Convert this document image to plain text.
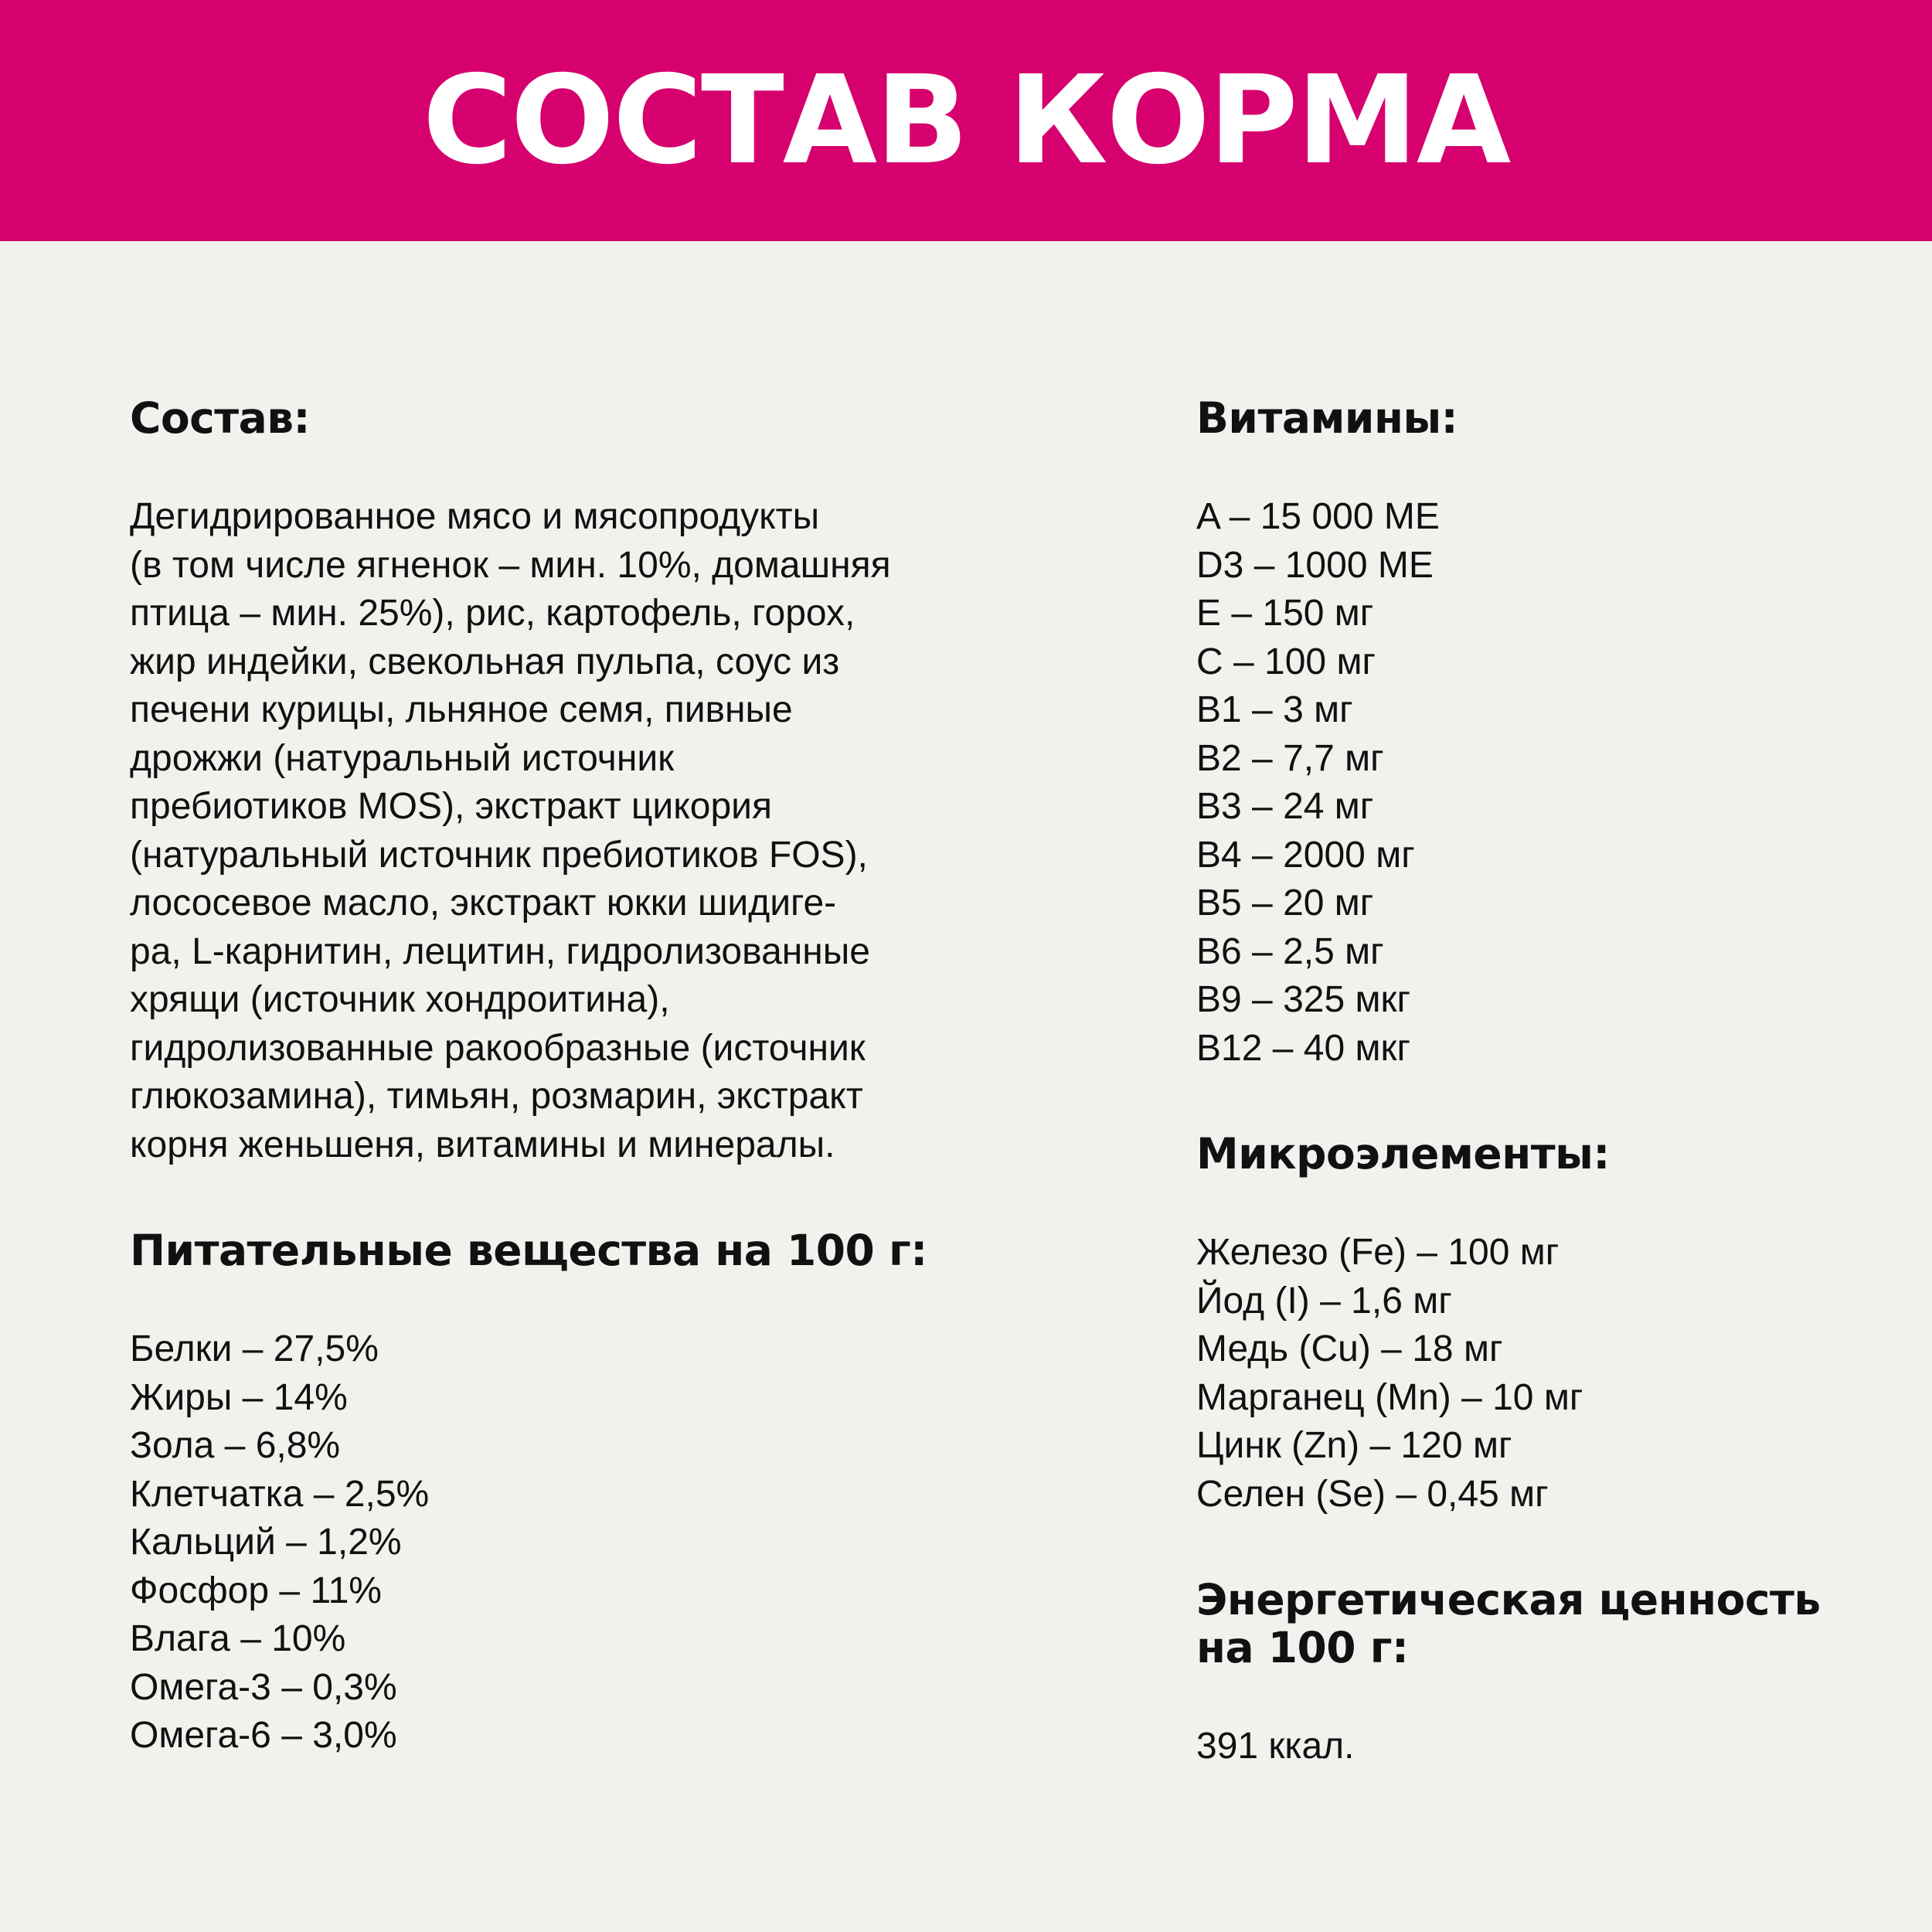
СОСТАВ КОРМА
Состав:
Дегидрированное мясо и мясопродукты
(в том числе ягненок – мин. 10%, домашняя
птица – мин. 25%), рис, картофель, горох,
жир индейки, свекольная пульпа, соус из
печени курицы, льняное семя, пивные
дрожжи (натуральный источник
пребиотиков MOS), экстракт цикория
(натуральный источник пребиотиков FOS),
лососевое масло, экстракт юкки шидиге-
ра, L-карнитин, лецитин, гидролизованные
хрящи (источник хондроитина),
гидролизованные ракообразные (источник
глюкозамина), тимьян, розмарин, экстракт
корня женьшеня, витамины и минералы.
Питательные вещества на 100 г:
Белки – 27,5%
Жиры – 14%
Зола – 6,8%
Клетчатка – 2,5%
Кальций – 1,2%
Фосфор – 11%
Влага – 10%
Омега-3 – 0,3%
Омега-6 – 3,0%
Витамины:
A – 15 000 МЕ
D3 – 1000 МЕ
E – 150 мг
C – 100 мг
B1 – 3 мг
B2 – 7,7 мг
B3 – 24 мг
B4 – 2000 мг
B5 – 20 мг
B6 – 2,5 мг
B9 – 325 мкг
B12 – 40 мкг
Микроэлементы:
Железо (Fe) – 100 мг
Йод (I) – 1,6 мг
Медь (Cu) – 18 мг
Марганец (Mn) – 10 мг
Цинк (Zn) – 120 мг
Селен (Se) – 0,45 мг
Энергетическая ценность
на 100 г:
391 ккал.
